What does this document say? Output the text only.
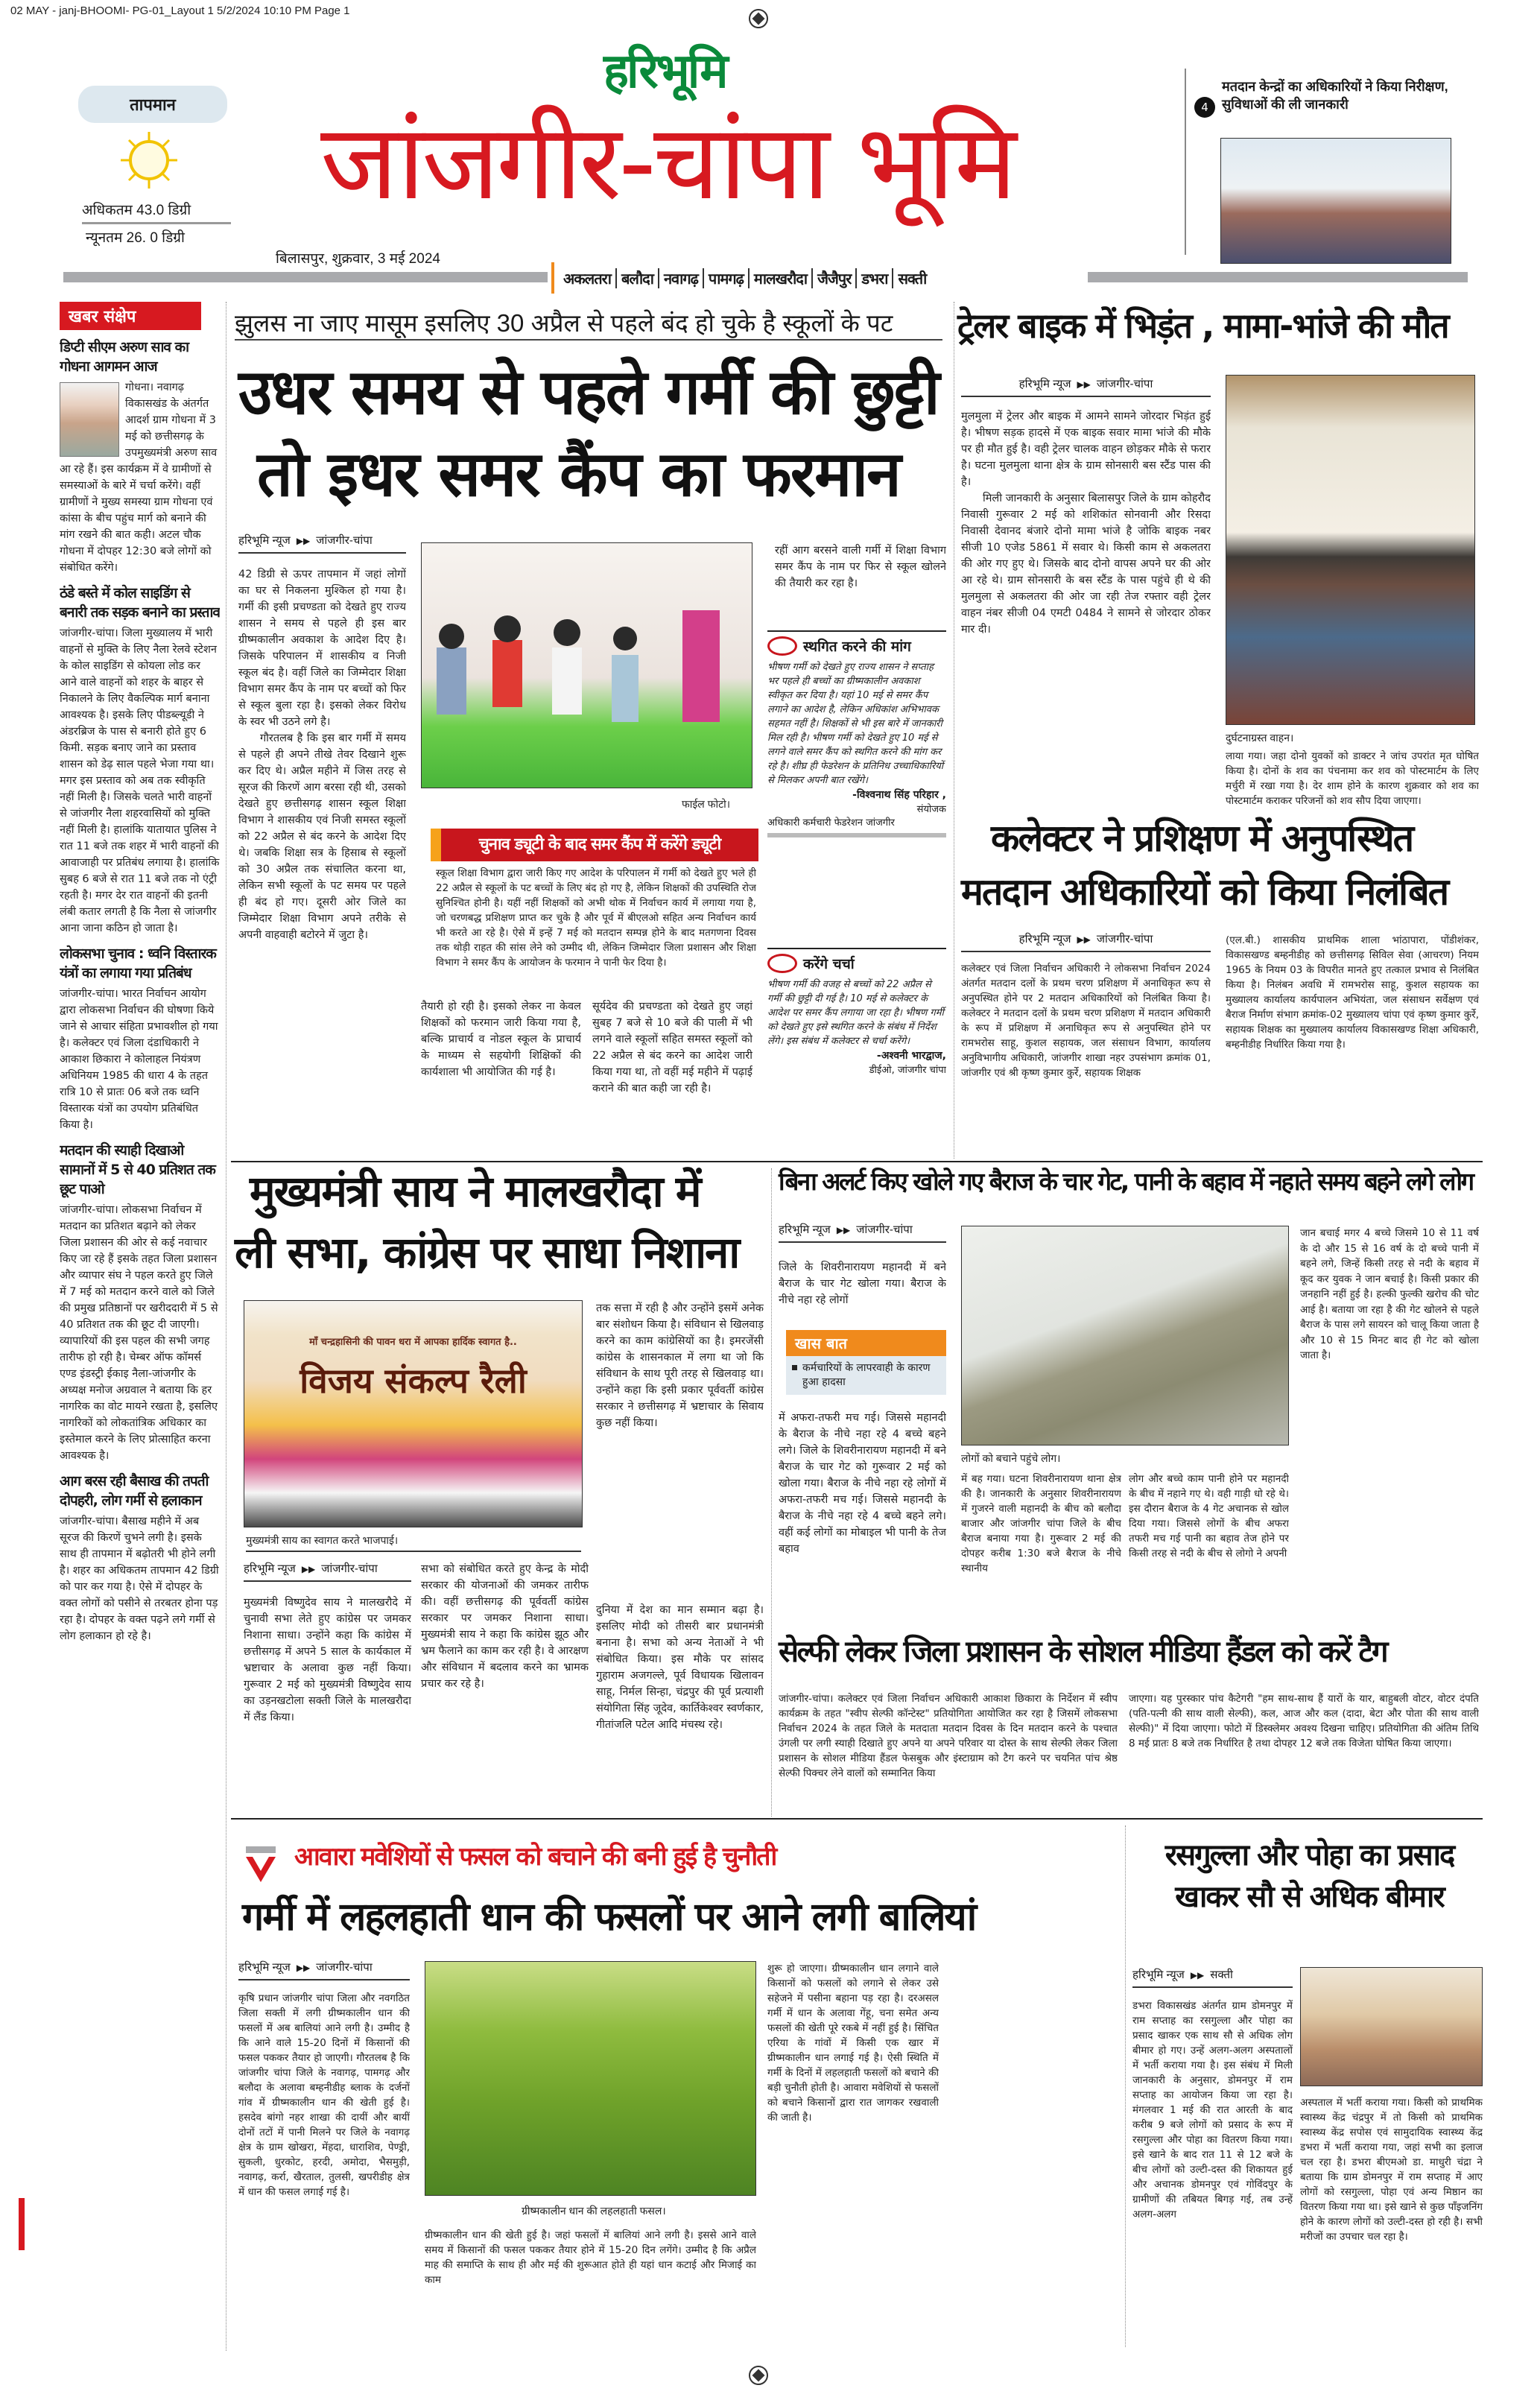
02 MAY - janj-BHOOMI- PG-01_Layout 1 5/2/2024 10:10 PM Page 1
तापमान
अधिकतम 43.0 डिग्री
न्यूनतम 26. 0 डिग्री
हरिभूमि
जांजगीर-चांपा भूमि
बिलासपुर, शुक्रवार, 3 मई 2024
अकलतरा बलौदा नवागढ़ पामगढ़ मालखरौदा जैजैपुर डभरा सक्ती
4
मतदान केन्द्रों का अधिकारियों ने किया निरीक्षण, सुविधाओं की ली जानकारी
खबर संक्षेप
डिप्टी सीएम अरुण साव का गोधना आगमन आज
गोधना। नवागढ़ विकासखंड के अंतर्गत आदर्श ग्राम गोधना में 3 मई को छत्तीसगढ़ के उपमुख्यमंत्री अरुण साव आ रहे हैं। इस कार्यक्रम में वे ग्रामीणों से समस्याओं के बारे में चर्चा करेंगे। वहीं ग्रामीणों ने मुख्य समस्या ग्राम गोधना एवं कांसा के बीच पहुंच मार्ग को बनाने की मांग रखने की बात कही। अटल चौक गोधना में दोपहर 12:30 बजे लोगों को संबोधित करेंगे।
ठंडे बस्ते में कोल साइडिंग से बनारी तक सड़क बनाने का प्रस्ताव
जांजगीर-चांपा। जिला मुख्यालय में भारी वाहनों से मुक्ति के लिए नैला रेलवे स्टेशन के कोल साइडिंग से कोयला लोड कर आने वाले वाहनों को शहर के बाहर से निकालने के लिए वैकल्पिक मार्ग बनाना आवश्यक है। इसके लिए पीडब्ल्यूडी ने अंडरब्रिज के पास से बनारी होते हुए 6 किमी. सड़क बनाए जाने का प्रस्ताव शासन को डेढ़ साल पहले भेजा गया था। मगर इस प्रस्ताव को अब तक स्वीकृति नहीं मिली है। जिसके चलते भारी वाहनों से जांजगीर नैला शहरवासियों को मुक्ति नहीं मिली है। हालांकि यातायात पुलिस ने रात 11 बजे तक शहर में भारी वाहनों की आवाजाही पर प्रतिबंध लगाया है। हालांकि सुबह 6 बजे से रात 11 बजे तक नो एंट्री रहती है। मगर देर रात वाहनों की इतनी लंबी कतार लगती है कि नैला से जांजगीर आना जाना कठिन हो जाता है।
लोकसभा चुनाव : ध्वनि विस्तारक यंत्रों का लगाया गया प्रतिबंध
जांजगीर-चांपा। भारत निर्वाचन आयोग द्वारा लोकसभा निर्वाचन की घोषणा किये जाने से आचार संहिता प्रभावशील हो गया है। कलेक्टर एवं जिला दंडाधिकारी ने आकाश छिकारा ने कोलाहल नियंत्रण अधिनियम 1985 की धारा 4 के तहत रात्रि 10 से प्रातः 06 बजे तक ध्वनि विस्तारक यंत्रों का उपयोग प्रतिबंधित किया है।
मतदान की स्याही दिखाओ सामानों में 5 से 40 प्रतिशत तक छूट पाओ
जांजगीर-चांपा। लोकसभा निर्वाचन में मतदान का प्रतिशत बढ़ाने को लेकर जिला प्रशासन की ओर से कई नवाचार किए जा रहे हैं इसके तहत जिला प्रशासन और व्यापार संघ ने पहल करते हुए जिले में 7 मई को मतदान करने वाले को जिले की प्रमुख प्रतिष्ठानों पर खरीददारी में 5 से 40 प्रतिशत तक की छूट दी जाएगी। व्यापारियों की इस पहल की सभी जगह तारीफ हो रही है। चेम्बर ऑफ कॉमर्स एण्ड इंडस्ट्री ईकाइ नैला-जांजगीर के अध्यक्ष मनोज अग्रवाल ने बताया कि हर नागरिक का वोट मायने रखता है, इसलिए नागरिकों को लोकतांत्रिक अधिकार का इस्तेमाल करने के लिए प्रोत्साहित करना आवश्यक है।
आग बरस रही बैसाख की तपती दोपहरी, लोग गर्मी से हलाकान
जांजगीर-चांपा। बैसाख महीने में अब सूरज की किरणें चुभने लगी है। इसके साथ ही तापमान में बढ़ोतरी भी होने लगी है। शहर का अधिकतम तापमान 42 डिग्री को पार कर गया है। ऐसे में दोपहर के वक्त लोगों को पसीने से तरबतर होना पड़ रहा है। दोपहर के वक्त पढ़ने लगे गर्मी से लोग हलाकान हो रहे है।
झुलस ना जाए मासूम इसलिए 30 अप्रैल से पहले बंद हो चुके है स्कूलों के पट
उधर समय से पहले गर्मी की छुट्टी
तो इधर समर कैंप का फरमान
हरिभूमि न्यूज ▶▶ जांजगीर-चांपा

42 डिग्री से ऊपर तापमान में जहां लोगों का घर से निकलना मुश्किल हो गया है। गर्मी की इसी प्रचण्डता को देखते हुए राज्य शासन ने समय से पहले ही इस बार ग्रीष्मकालीन अवकाश के आदेश दिए है। जिसके परिपालन में शासकीय व निजी स्कूल बंद है। वहीं जिले का जिम्मेदार शिक्षा विभाग समर कैंप के नाम पर बच्चों को फिर से स्कूल बुला रहा है। इसको लेकर विरोध के स्वर भी उठने लगे है।

गौरतलब है कि इस बार गर्मी में समय से पहले ही अपने तीखे तेवर दिखाने शुरू कर दिए थे। अप्रैल महीने में जिस तरह से सूरज की किरणें आग बरसा रही थी, उसको देखते हुए छत्तीसगढ़ शासन स्कूल शिक्षा विभाग ने शासकीय एवं निजी समस्त स्कूलों को 22 अप्रैल से बंद करने के आदेश दिए थे। जबकि शिक्षा सत्र के हिसाब से स्कूलों को 30 अप्रैल तक संचालित करना था, लेकिन सभी स्कूलों के पट समय पर पहले ही बंद हो गए। दूसरी ओर जिले का जिम्मेदार शिक्षा विभाग अपने तरीके से अपनी वाहवाही बटोरने में जुटा है।

फाईल फोटो।
रहीं आग बरसने वाली गर्मी में शिक्षा विभाग समर कैंप के नाम पर फिर से स्कूल खोलने की तैयारी कर रहा है।
चुनाव ड्यूटी के बाद समर कैंप में करेंगे ड्यूटी
स्कूल शिक्षा विभाग द्वारा जारी किए गए आदेश के परिपालन में गर्मी को देखते हुए भले ही 22 अप्रैल से स्कूलों के पट बच्चों के लिए बंद हो गए है, लेकिन शिक्षकों की उपस्थिति रोज सुनिश्चित होनी है। यहीं नहीं शिक्षकों को अभी थोक में निर्वाचन कार्य में लगाया गया है, जो चरणबद्ध प्रशिक्षण प्राप्त कर चुके है और पूर्व में बीएलओ सहित अन्य निर्वाचन कार्य भी करते आ रहे है। ऐसे में इन्हें 7 मई को मतदान सम्पन्न होने के बाद मतगणना दिवस तक थोड़ी राहत की सांस लेने को उम्मीद थी, लेकिन जिम्मेदार जिला प्रशासन और शिक्षा विभाग ने समर कैंप के आयोजन के फरमान ने पानी फेर दिया है।
तैयारी हो रही है। इसको लेकर ना केवल शिक्षकों को फरमान जारी किया गया है, बल्कि प्राचार्य व नोडल स्कूल के प्राचार्य के माध्यम से सहयोगी शिक्षिकों की कार्यशाला भी आयोजित की गई है।
सूर्यदेव की प्रचण्डता को देखते हुए जहां सुबह 7 बजे से 10 बजे की पाली में भी लगने वाले स्कूलों सहित समस्त स्कूलों को 22 अप्रैल से बंद करने का आदेश जारी किया गया था, तो वहीं मई महीने में पढ़ाई कराने की बात कही जा रही है।
स्थगित करने की मांग
भीषण गर्मी को देखते हुए राज्य शासन ने सप्ताह भर पहले ही बच्चों का ग्रीष्मकालीन अवकाश स्वीकृत कर दिया है। यहां 10 मई से समर कैंप लगाने का आदेश है, लेकिन अधिकांश अभिभावक सहमत नहीं है। शिक्षकों से भी इस बारे में जानकारी मिल रही है। भीषण गर्मी को देखते हुए 10 मई से लगने वाले समर कैंप को स्थगित करने की मांग कर रहे है। शीघ्र ही फेडरेशन के प्रतिनिध उच्चाधिकारियों से मिलकर अपनी बात रखेंगे।
-विश्वनाथ सिंह परिहार ,
संयोजक
अधिकारी कर्मचारी फेडरेशन जांजगीर
करेंगे चर्चा
भीषण गर्मी की वजह से बच्चों को 22 अप्रैल से गर्मी की छुट्टी दी गई है। 10 मई से कलेक्टर के आदेश पर समर कैंप लगाया जा रहा है। भीषण गर्मी को देखते हुए इसे स्थगित करने के संबंध में निर्देश लेंगे। इस संबंध में कलेक्टर से चर्चा करेंगे।
-अश्वनी भारद्वाज,
डीईओ, जांजगीर चांपा
ट्रेलर बाइक में भिड़ंत , मामा-भांजे की मौत
हरिभूमि न्यूज ▶▶ जांजगीर-चांपा

मुलमुला में ट्रेलर और बाइक में आमने सामने जोरदार भिड़ंत हुई है। भीषण सड़क हादसे में एक बाइक सवार मामा भांजे की मौके पर ही मौत हुई है। वही ट्रेलर चालक वाहन छोड़कर मौके से फरार है। घटना मुलमुला थाना क्षेत्र के ग्राम सोनसारी बस स्टैंड पास की है।

मिली जानकारी के अनुसार बिलासपुर जिले के ग्राम कोहरौद निवासी गुरूवार 2 मई को शशिकांत सोनवानी और रिसदा निवासी देवानद बंजारे दोनो मामा भांजे है जोकि बाइक नबर सीजी 10 एजेड 5861 में सवार थे। किसी काम से अकलतरा की ओर गए हुए थे। जिसके बाद दोनो वापस अपने घर की ओर आ रहे थे। ग्राम सोनसारी के बस स्टैंड के पास पहुंचे ही थे की मुलमुला से अकलतरा की ओर जा रही तेज रफ्तार वही ट्रेलर वाहन नंबर सीजी 04 एमटी 0484 ने सामने से जोरदार ठोकर मार दी।

दुर्घटनाग्रस्त वाहन।
लाया गया। जहा दोनो युवकों को डाक्टर ने जांच उपरांत मृत घोषित किया है। दोनों के शव का पंचनामा कर शव को पोस्टमार्टम के लिए मर्चुरी में रखा गया है। देर शाम होने के कारण शुक्रवार को शव का पोस्टमार्टम कराकर परिजनों को शव सौप दिया जाएगा।
कलेक्टर ने प्रशिक्षण में अनुपस्थित
मतदान अधिकारियों को किया निलंबित
हरिभूमि न्यूज ▶▶ जांजगीर-चांपा
कलेक्टर एवं जिला निर्वाचन अधिकारी ने लोकसभा निर्वाचन 2024 अंतर्गत मतदान दलों के प्रथम चरण प्रशिक्षण में अनाधिकृत रूप से अनुपस्थित होने पर 2 मतदान अधिकारियों को निलंबित किया है। कलेक्टर ने मतदान दलों के प्रथम चरण प्रशिक्षण में मतदान अधिकारी के रूप में प्रशिक्षण में अनाधिकृत रूप से अनुपस्थित होने पर रामभरोस साहू, कुशल सहायक, जल संसाधन विभाग, कार्यालय अनुविभागीय अधिकारी, जांजगीर शाखा नहर उपसंभाग क्रमांक 01, जांजगीर एवं श्री कृष्ण कुमार कुर्रे, सहायक शिक्षक
(एल.बी.) शासकीय प्राथमिक शाला भांठापारा, पोंडीशंकर, विकासखण्ड बम्हनीडीह को छत्तीसगढ़ सिविल सेवा (आचरण) नियम 1965 के नियम 03 के विपरीत मानते हुए तत्काल प्रभाव से निलंबित किया है। निलंबन अवधि में रामभरोस साहू, कुशल सहायक का मुख्यालय कार्यालय कार्यपालन अभियंता, जल संसाधन सर्वेक्षण एवं बैराज निर्माण संभाग क्रमांक-02 मुख्यालय चांपा एवं कृष्ण कुमार कुर्रे, सहायक शिक्षक का मुख्यालय कार्यालय विकासखण्ड शिक्षा अधिकारी, बम्हनीडीह निर्धारित किया गया है।
मुख्यमंत्री साय ने मालखरौदा में
ली सभा, कांग्रेस पर साधा निशाना
माँ चन्द्रहासिनी की पावन धरा में आपका हार्दिक स्वागत है..
विजय संकल्प रैली
मुख्यमंत्री साय का स्वागत करते भाजपाई।
तक सत्ता में रही है और उन्होंने इसमें अनेक बार संशोधन किया है। संविधान से खिलवाड़ करने का काम कांग्रेसियों का है। इमरजेंसी कांग्रेस के शासनकाल में लगा था जो कि संविधान के साथ पूरी तरह से खिलवाड़ था। उन्होंने कहा कि इसी प्रकार पूर्ववर्ती कांग्रेस सरकार ने छत्तीसगढ़ में भ्रष्टाचार के सिवाय कुछ नहीं किया।
हरिभूमि न्यूज ▶▶ जांजगीर-चांपा
मुख्यमंत्री विष्णुदेव साय ने मालखरौदे में चुनावी सभा लेते हुए कांग्रेस पर जमकर निशाना साधा। उन्होंने कहा कि कांग्रेस में छत्तीसगढ़ में अपने 5 साल के कार्यकाल में भ्रष्टाचार के अलावा कुछ नहीं किया। गुरूवार 2 मई को मुख्यमंत्री विष्णुदेव साय का उड़नखटोला सक्ती जिले के मालखरौदा में लैंड किया।
सभा को संबोधित करते हुए केन्द्र के मोदी सरकार की योजनाओं की जमकर तारीफ की। वहीं छत्तीसगढ़ की पूर्ववर्ती कांग्रेस सरकार पर जमकर निशाना साधा। मुख्यमंत्री साय ने कहा कि कांग्रेस झूठ और भ्रम फैलाने का काम कर रही है। वे आरक्षण और संविधान में बदलाव करने का भ्रामक प्रचार कर रहे है।
दुनिया में देश का मान सम्मान बढ़ा है। इसलिए मोदी को तीसरी बार प्रधानमंत्री बनाना है। सभा को अन्य नेताओं ने भी संबोधित किया। इस मौके पर सांसद गुहाराम अजगल्ले, पूर्व विधायक खिलावन साहू, निर्मल सिन्हा, चंद्रपुर की पूर्व प्रत्याशी संयोगिता सिंह जूदेव, कार्तिकेश्वर स्वर्णकार, गीतांजलि पटेल आदि मंचस्थ रहे।
बिना अलर्ट किए खोले गए बैराज के चार गेट, पानी के बहाव में नहाते समय बहने लगे लोग
हरिभूमि न्यूज ▶▶ जांजगीर-चांपा
जिले के शिवरीनारायण महानदी में बने बैराज के चार गेट खोला गया। बैराज के नीचे नहा रहे लोगों
खास बात
कर्मचारियों के लापरवाही के कारण हुआ हादसा
में अफरा-तफरी मच गई। जिससे महानदी के बैराज के नीचे नहा रहे 4 बच्चे बहने लगे। जिले के शिवरीनारायण महानदी में बने बैराज के चार गेट को गुरूवार 2 मई को खोला गया। बैराज के नीचे नहा रहे लोगों में अफरा-तफरी मच गई। जिससे महानदी के बैराज के नीचे नहा रहे 4 बच्चे बहने लगे। वहीं कई लोगों का मोबाइल भी पानी के तेज बहाव
लोगों को बचाने पहुंचे लोग।
में बह गया। घटना शिवरीनारायण थाना क्षेत्र की है। जानकारी के अनुसार शिवरीनारायण में गुजरने वाली महानदी के बीच को बलौदा बाजार और जांजगीर चांपा जिले के बीच बैराज बनाया गया है। गुरूवार 2 मई की दोपहर करीब 1:30 बजे बैराज के नीचे स्थानीय
लोग और बच्चे काम पानी होने पर महानदी के बीच में नहाने गए थे। वही गाड़ी धो रहे थे। इस दौरान बैराज के 4 गेट अचानक से खोल दिया गया। जिससे लोगों के बीच अफरा तफरी मच गई पानी का बहाव तेज होने पर किसी तरह से नदी के बीच से लोगो ने अपनी
जान बचाई मगर 4 बच्चे जिसमे 10 से 11 वर्ष के दो और 15 से 16 वर्ष के दो बच्चे पानी में बहने लगे, जिन्हें किसी तरह से नदी के बहाव में कूद कर युवक ने जान बचाई है। किसी प्रकार की जनहानि नहीं हुई है। हल्की फुल्की खरोच की चोट आई है। बताया जा रहा है की गेट खोलने से पहले बैराज के पास लगे सायरन को चालू किया जाता है और 10 से 15 मिनट बाद ही गेट को खोला जाता है।
सेल्फी लेकर जिला प्रशासन के सोशल मीडिया हैंडल को करें टैग
जांजगीर-चांपा। कलेक्टर एवं जिला निर्वाचन अधिकारी आकाश छिकारा के निर्देशन में स्वीप कार्यक्रम के तहत "स्वीप सेल्फी कॉन्टेस्ट" प्रतियोगिता आयोजित कर रहा है जिसमें लोकसभा निर्वाचन 2024 के तहत जिले के मतदाता मतदान दिवस के दिन मतदान करने के पश्चात उंगली पर लगी स्याही दिखाते हुए अपने या अपने परिवार या दोस्त के साथ सेल्फी लेकर जिला प्रशासन के सोशल मीडिया हैंडल फेसबुक और इंस्टाग्राम को टैग करने पर चयनित पांच श्रेष्ठ सेल्फी पिक्चर लेने वालों को सम्मानित किया
जाएगा। यह पुरस्कार पांच कैटेगरी "हम साथ-साथ हैं यारों के यार, बाहुबली वोटर, वोटर दंपति (पति-पत्नी की साथ वाली सेल्फी), कल, आज और कल (दादा, बेटा और पोता की साथ वाली सेल्फी)" में दिया जाएगा। फोटो में डिस्क्लेमर अवश्य दिखना चाहिए। प्रतियोगिता की अंतिम तिथि 8 मई प्रातः 8 बजे तक निर्धारित है तथा दोपहर 12 बजे तक विजेता घोषित किया जाएगा।
आवारा मवेशियों से फसल को बचाने की बनी हुई है चुनौती
गर्मी में लहलहाती धान की फसलों पर आने लगी बालियां
हरिभूमि न्यूज ▶▶ जांजगीर-चांपा
कृषि प्रधान जांजगीर चांपा जिला और नवगठित जिला सक्ती में लगी ग्रीष्मकालीन धान की फसलों में अब बालियां आने लगी है। उम्मीद है कि आने वाले 15-20 दिनों में किसानों की फसल पककर तैयार हो जाएगी। गौरतलब है कि जांजगीर चांपा जिले के नवागढ़, पामगढ़ और बलौदा के अलावा बम्हनीडीह ब्लाक के दर्जनों गांव में ग्रीष्मकालीन धान की खेती हुई है। हसदेव बांगो नहर शाखा की दायीं और बायीं दोनों तटों में पानी मिलने पर जिले के नवागढ़ क्षेत्र के ग्राम खोखरा, मेंहदा, धाराशिव, पेण्ड्री, सुकली, धुरकोट, हरदी, अमोदा, भैसमुड़ी, नवागढ़, कर्रा, खैरताल, तुलसी, खपरीडीह क्षेत्र में धान की फसल लगाई गई है।
ग्रीष्मकालीन धान की लहलहाती फसल।
ग्रीष्मकालीन धान की खेती हुई है। जहां फसलों में बालियां आने लगी है। इससे आने वाले समय में किसानों की फसल पककर तैयार होने में 15-20 दिन लगेंगे। उम्मीद है कि अप्रैल माह की समाप्ति के साथ ही और मई की शुरूआत होते ही यहां धान कटाई और मिजाई का काम
शुरू हो जाएगा। ग्रीष्मकालीन धान लगाने वाले किसानों को फसलों को लगाने से लेकर उसे सहेजने में पसीना बहाना पड़ रहा है। दरअसल गर्मी में धान के अलावा गेंहू, चना समेत अन्य फसलों की खेती पूरे रकबे में नहीं हुई है। सिंचित एरिया के गांवों में किसी एक खार में ग्रीष्मकालीन धान लगाई गई है। ऐसी स्थिति में गर्मी के दिनों में लहलहाती फसलों को बचाने की बड़ी चुनौती होती है। आवारा मवेशियों से फसलों को बचाने किसानों द्वारा रात जागकर रखवाली की जाती है।
रसगुल्ला और पोहा का प्रसाद खाकर सौ से अधिक बीमार
हरिभूमि न्यूज ▶▶ सक्ती
डभरा विकासखंड अंतर्गत ग्राम डोमनपुर में राम सप्ताह का रसगुल्ला और पोहा का प्रसाद खाकर एक साथ सौ से अधिक लोग बीमार हो गए। उन्हें अलग-अलग अस्पतालों में भर्ती कराया गया है। इस संबंध में मिली जानकारी के अनुसार, डोमनपुर में राम सप्ताह का आयोजन किया जा रहा है। मंगलवार 1 मई की रात आरती के बाद करीब 9 बजे लोगों को प्रसाद के रूप में रसगुल्ला और पोहा का वितरण किया गया। इसे खाने के बाद रात 11 से 12 बजे के बीच लोगों को उल्टी-दस्त की शिकायत हुई और अचानक डोमनपुर एवं गोविंदपुर के ग्रामीणों की तबियत बिगड़ गई, तब उन्हें अलग-अलग
अस्पताल में भर्ती कराया गया। किसी को प्राथमिक स्वास्थ्य केंद्र चंद्रपुर में तो किसी को प्राथमिक स्वास्थ्य केंद्र सपोस एवं सामुदायिक स्वास्थ्य केंद्र डभरा में भर्ती कराया गया, जहां सभी का इलाज चल रहा है। डभरा बीएमओ डा. माधुरी चंद्रा ने बताया कि ग्राम डोमनपुर में राम सप्ताह में आए लोगों को रसगुल्ला, पोहा एवं अन्य मिष्ठान का वितरण किया गया था। इसे खाने से कुछ पाँइजनिंग होने के कारण लोगों को उल्टी-दस्त हो रही है। सभी मरीजों का उपचार चल रहा है।
